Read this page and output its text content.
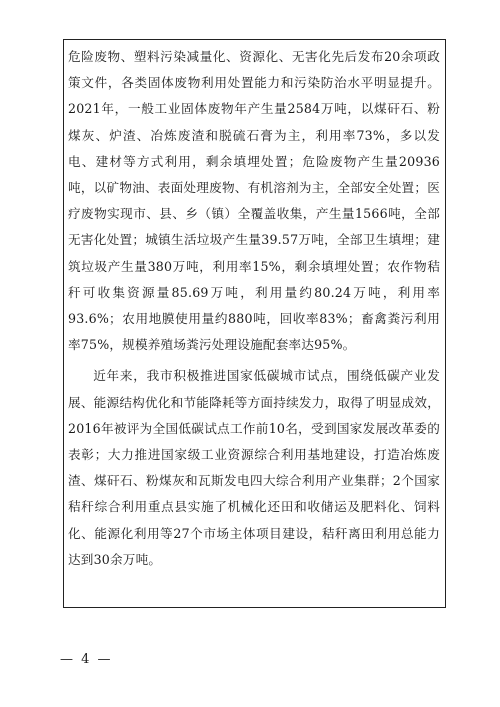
危险废物、塑料污染减量化、资源化、无害化先后发布20余项政策文件，各类固体废物利用处置能力和污染防治水平明显提升。2021年，一般工业固体废物年产生量2584万吨，以煤矸石、粉煤灰、炉渣、冶炼废渣和脱硫石膏为主，利用率73%，多以发电、建材等方式利用，剩余填埋处置；危险废物产生量20936吨，以矿物油、表面处理废物、有机溶剂为主，全部安全处置；医疗废物实现市、县、乡（镇）全覆盖收集，产生量1566吨，全部无害化处置；城镇生活垃圾产生量39.57万吨，全部卫生填埋；建筑垃圾产生量380万吨，利用率15%，剩余填埋处置；农作物秸秆可收集资源量85.69万吨，利用量约80.24万吨，利用率93.6%；农用地膜使用量约880吨，回收率83%；畜禽粪污利用率75%，规模养殖场粪污处理设施配套率达95%。

近年来，我市积极推进国家低碳城市试点，围绕低碳产业发展、能源结构优化和节能降耗等方面持续发力，取得了明显成效，2016年被评为全国低碳试点工作前10名，受到国家发展改革委的表彰；大力推进国家级工业资源综合利用基地建设，打造冶炼废渣、煤矸石、粉煤灰和瓦斯发电四大综合利用产业集群；2个国家秸秆综合利用重点县实施了机械化还田和收储运及肥料化、饲料化、能源化利用等27个市场主体项目建设，秸秆离田利用总能力达到30余万吨。

— 4 —
